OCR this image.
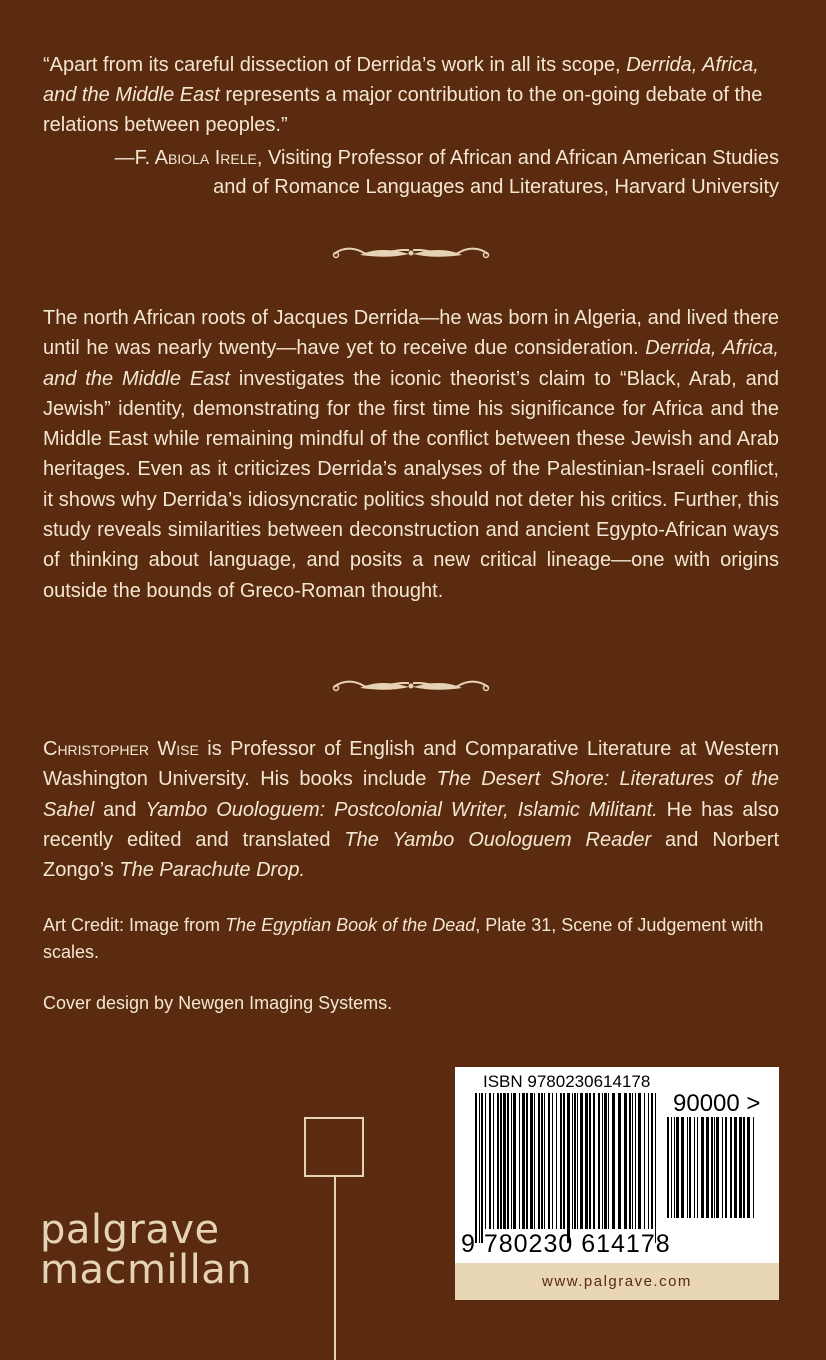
“Apart from its careful dissection of Derrida’s work in all its scope, Derrida, Africa, and the Middle East represents a major contribution to the on-going debate of the relations between peoples.”

—F. Abiola Irele, Visiting Professor of African and African American Studies
and of Romance Languages and Literatures, Harvard University

The north African roots of Jacques Derrida—he was born in Algeria, and lived there until he was nearly twenty—have yet to receive due consideration. Derrida, Africa, and the Middle East investigates the iconic theorist’s claim to “Black, Arab, and Jewish” identity, demonstrating for the first time his significance for Africa and the Middle East while remaining mindful of the conflict between these Jewish and Arab heritages. Even as it criticizes Derrida’s analyses of the Palestinian-Israeli conflict, it shows why Derrida’s idiosyncratic politics should not deter his critics. Further, this study reveals similarities between deconstruction and ancient Egypto-African ways of thinking about language, and posits a new critical lineage—one with origins outside the bounds of Greco-Roman thought.

Christopher Wise is Professor of English and Comparative Literature at Western Washington University. His books include The Desert Shore: Literatures of the Sahel and Yambo Ouologuem: Postcolonial Writer, Islamic Militant. He has also recently edited and translated The Yambo Ouologuem Reader and Norbert Zongo’s The Parachute Drop.

Art Credit: Image from The Egyptian Book of the Dead, Plate 31, Scene of Judgement with scales.

Cover design by Newgen Imaging Systems.

palgrave
macmillan
ISBN 9780230614178
90000 >
9 780230 614178
www.palgrave.com
